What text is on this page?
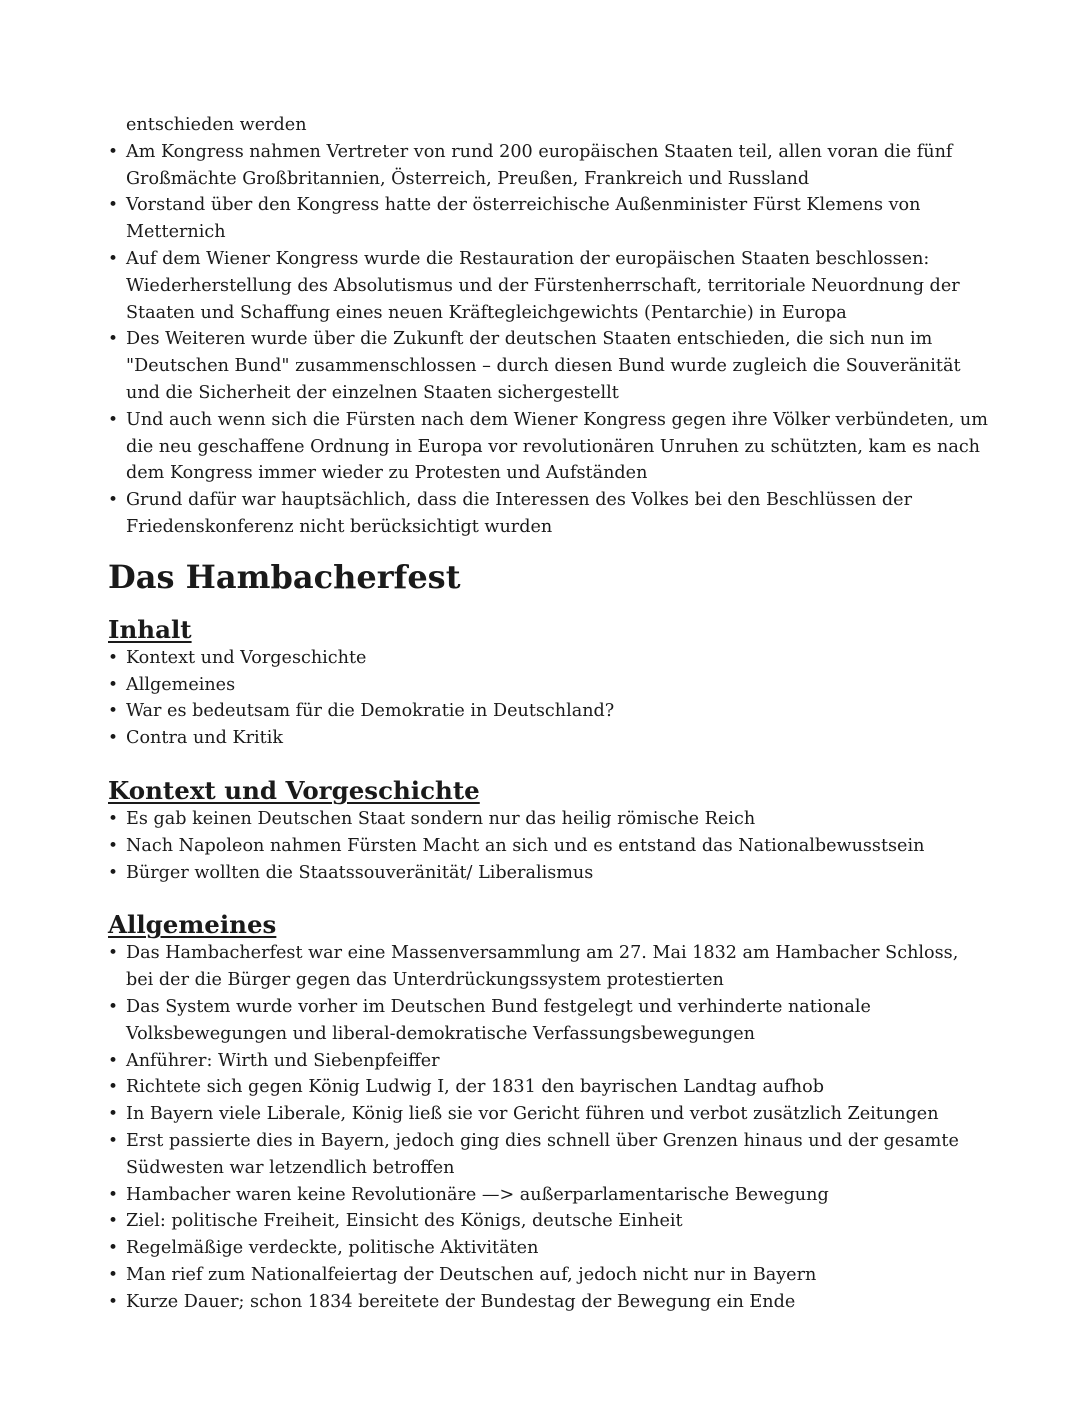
entschieden werden
• Am Kongress nahmen Vertreter von rund 200 europäischen Staaten teil, allen voran die fünf Großmächte Großbritannien, Österreich, Preußen, Frankreich und Russland
• Vorstand über den Kongress hatte der österreichische Außenminister Fürst Klemens von Metternich
• Auf dem Wiener Kongress wurde die Restauration der europäischen Staaten beschlossen: Wiederherstellung des Absolutismus und der Fürstenherrschaft, territoriale Neuordnung der Staaten und Schaffung eines neuen Kräftegleichgewichts (Pentarchie) in Europa
• Des Weiteren wurde über die Zukunft der deutschen Staaten entschieden, die sich nun im "Deutschen Bund" zusammenschlossen – durch diesen Bund wurde zugleich die Souveränität und die Sicherheit der einzelnen Staaten sichergestellt
• Und auch wenn sich die Fürsten nach dem Wiener Kongress gegen ihre Völker verbündeten, um die neu geschaffene Ordnung in Europa vor revolutionären Unruhen zu schützten, kam es nach dem Kongress immer wieder zu Protesten und Aufständen
• Grund dafür war hauptsächlich, dass die Interessen des Volkes bei den Beschlüssen der Friedenskonferenz nicht berücksichtigt wurden
Das Hambacherfest
Inhalt
• Kontext und Vorgeschichte
• Allgemeines
• War es bedeutsam für die Demokratie in Deutschland?
• Contra und Kritik
Kontext und Vorgeschichte
• Es gab keinen Deutschen Staat sondern nur das heilig römische Reich
• Nach Napoleon nahmen Fürsten Macht an sich und es entstand das Nationalbewusstsein
• Bürger wollten die Staatssouveränität/ Liberalismus
Allgemeines
• Das Hambacherfest war eine Massenversammlung am 27. Mai 1832 am Hambacher Schloss, bei der die Bürger gegen das Unterdrückungssystem protestierten
• Das System wurde vorher im Deutschen Bund festgelegt und verhinderte nationale Volksbewegungen und liberal-demokratische Verfassungsbewegungen
• Anführer: Wirth und Siebenpfeiffer
• Richtete sich gegen König Ludwig I, der 1831 den bayrischen Landtag aufhob
• In Bayern viele Liberale, König ließ sie vor Gericht führen und verbot zusätzlich Zeitungen
• Erst passierte dies in Bayern, jedoch ging dies schnell über Grenzen hinaus und der gesamte Südwesten war letzendlich betroffen
• Hambacher waren keine Revolutionäre —> außerparlamentarische Bewegung
• Ziel: politische Freiheit, Einsicht des Königs, deutsche Einheit
• Regelmäßige verdeckte, politische Aktivitäten
• Man rief zum Nationalfeiertag der Deutschen auf, jedoch nicht nur in Bayern
• Kurze Dauer; schon 1834 bereitete der Bundestag der Bewegung ein Ende
